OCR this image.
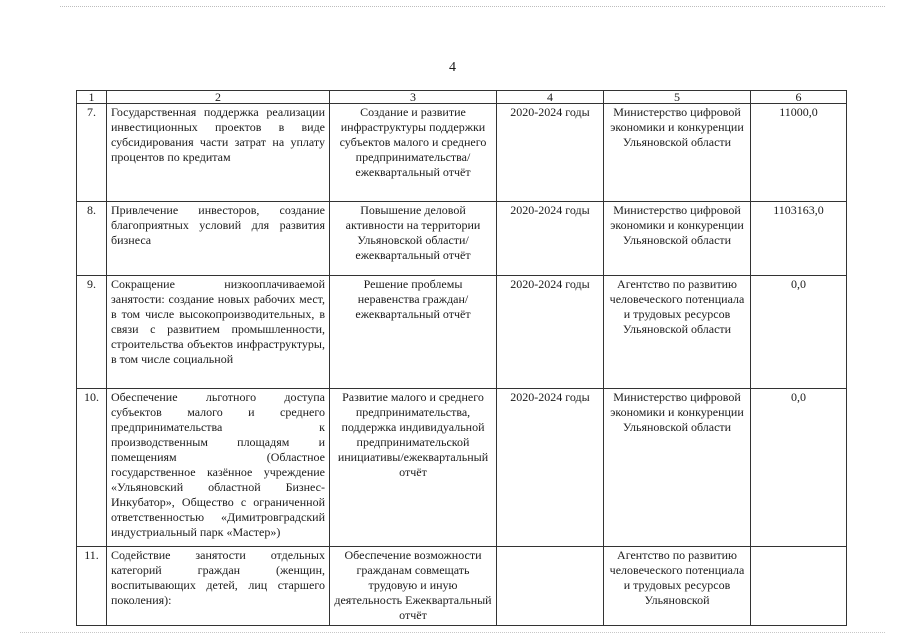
4
1	2	3	4	5	6
7.	Государственная поддержка реализации инвестиционных проектов в виде субсидирования части затрат на уплату процентов по кредитам	Создание и развитие инфраструктуры поддержки субъектов малого и среднего предпринимательства/ ежеквартальный отчёт	2020-2024 годы	Министерство цифровой экономики и конкуренции Ульяновской области	11000,0
8.	Привлечение инвесторов, создание благоприятных условий для развития бизнеса	Повышение деловой активности на территории Ульяновской области/ежеквартальный отчёт	2020-2024 годы	Министерство цифровой экономики и конкуренции Ульяновской области	1103163,0
9.	Сокращение низкооплачиваемой занятости: создание новых рабочих мест, в том числе высокопроизводительных, в связи с развитием промышленности, строительства объектов инфраструктуры, в том числе социальной	Решение проблемы неравенства граждан/ ежеквартальный отчёт	2020-2024 годы	Агентство по развитию человеческого потенциала и трудовых ресурсов Ульяновской области	0,0
10.	Обеспечение льготного доступа субъектов малого и среднего предпринимательства к производственным площадям и помещениям (Областное государственное казённое учреждение «Ульяновский областной Бизнес-Инкубатор», Общество с ограниченной ответственностью «Димитровградский индустриальный парк «Мастер»)	Развитие малого и среднего предпринимательства, поддержка индивидуальной предпринимательской инициативы/ежеквартальный отчёт	2020-2024 годы	Министерство цифровой экономики и конкуренции Ульяновской области	0,0
11.	Содействие занятости отдельных категорий граждан (женщин, воспитывающих детей, лиц старшего поколения):	Обеспечение возможности гражданам совмещать трудовую и иную деятельность Ежеквартальный отчёт		Агентство по развитию человеческого потенциала и трудовых ресурсов Ульяновской	
